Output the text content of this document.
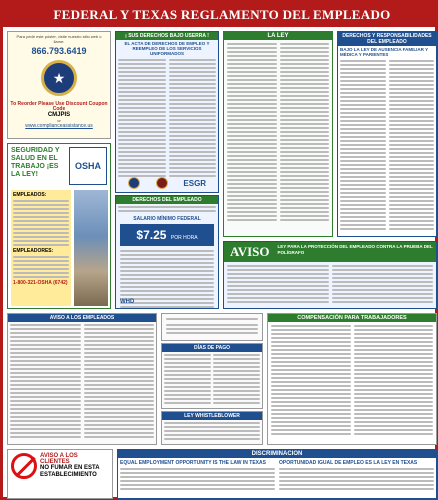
FEDERAL Y TEXAS REGLAMENTO DEL EMPLEADO
Para pedir este póster, visite nuestro sitio web o llame:
866.793.6419
★
To Reorder Please Use Discount Coupon Code
CMJPIS
or
www.complianceassistance.us
SEGURIDAD Y SALUD EN EL TRABAJO ¡ES LA LEY!
OSHA
EMPLEADOS:
EMPLEADORES:
1-800-321-OSHA (6742)
AVISO A LOS EMPLEADOS
AVISO A LOS CLIENTES
NO FUMAR EN ESTA ESTABLECIMIENTO
¡ SUS DERECHOS BAJO USERRA !
EL ACTA DE DERECHOS DE EMPLEO Y REEMPLEO DE LOS SERVICIOS UNIFORMADOS
ESGR
DERECHOS DEL EMPLEADO
SALARIO MÍNIMO FEDERAL
$7.25 POR HORA
WHD
LA LEY	DERECHOS Y RESPONSABILIDADES DEL EMPLEADO
BAJO LA LEY DE AUSENCIA FAMILIAR Y MÉDICA Y PARIENTES
AVISO	LEY PARA LA PROTECCIÓN DEL EMPLEADO CONTRA LA PRUEBA DEL POLÍGRAFO
DÍAS DE PAGO
LEY WHISTLEBLOWER
COMPENSACIÓN PARA TRABAJADORES
DISCRIMINACIÓN
EQUAL EMPLOYMENT OPPORTUNITY IS THE LAW IN TEXAS	OPORTUNIDAD IGUAL DE EMPLEO ES LA LEY EN TEXAS
